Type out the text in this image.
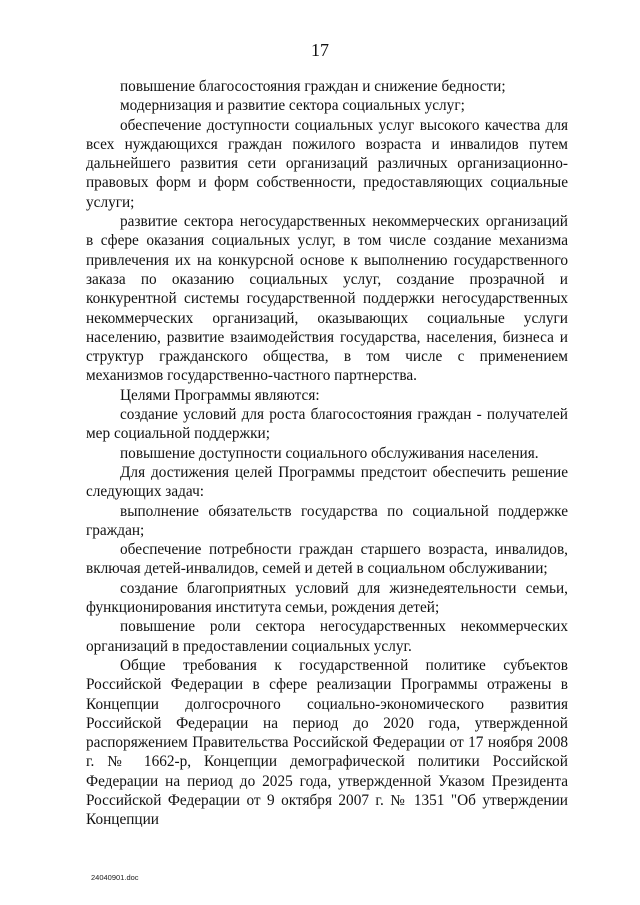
17

повышение благосостояния граждан и снижение бедности;

модернизация и развитие сектора социальных услуг;

обеспечение доступности социальных услуг высокого качества для всех нуждающихся граждан пожилого возраста и инвалидов путем дальнейшего развития сети организаций различных организационно-правовых форм и форм собственности, предоставляющих социальные услуги;

развитие сектора негосударственных некоммерческих организаций в сфере оказания социальных услуг, в том числе создание механизма привлечения их на конкурсной основе к выполнению государственного заказа по оказанию социальных услуг, создание прозрачной и конкурентной системы государственной поддержки негосударственных некоммерческих организаций, оказывающих социальные услуги населению, развитие взаимодействия государства, населения, бизнеса и структур гражданского общества, в том числе с применением механизмов государственно-частного партнерства.

Целями Программы являются:

создание условий для роста благосостояния граждан - получателей мер социальной поддержки;

повышение доступности социального обслуживания населения.

Для достижения целей Программы предстоит обеспечить решение следующих задач:

выполнение обязательств государства по социальной поддержке граждан;

обеспечение потребности граждан старшего возраста, инвалидов, включая детей-инвалидов, семей и детей в социальном обслуживании;

создание благоприятных условий для жизнедеятельности семьи, функционирования института семьи, рождения детей;

повышение роли сектора негосударственных некоммерческих организаций в предоставлении социальных услуг.

Общие требования к государственной политике субъектов Российской Федерации в сфере реализации Программы отражены в Концепции долгосрочного социально-экономического развития Российской Федерации на период до 2020 года, утвержденной распоряжением Правительства Российской Федерации от 17 ноября 2008 г. № 1662-р, Концепции демографической политики Российской Федерации на период до 2025 года, утвержденной Указом Президента Российской Федерации от 9 октября 2007 г. № 1351 "Об утверждении Концепции

24040901.doc
